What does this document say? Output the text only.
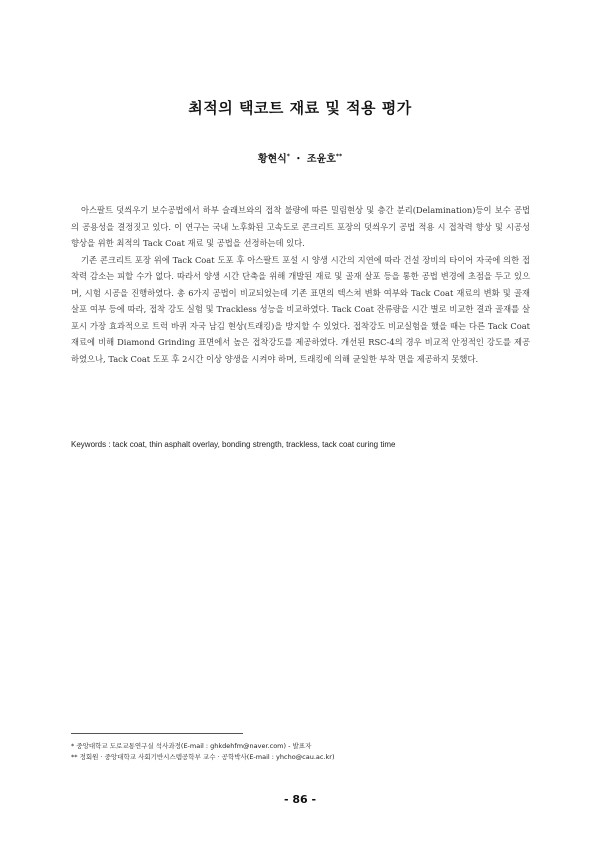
최적의 택코트 재료 및 적용 평가
황현식* ・ 조윤호**

아스팔트 덧씌우기 보수공법에서 하부 슬래브와의 접착 불량에 따른 밀림현상 및 층간 분리(Delamination)등이 보수 공법의 공용성을 결정짓고 있다. 이 연구는 국내 노후화된 고속도로 콘크리트 포장의 덧씌우기 공법 적용 시 접착력 향상 및 시공성 향상을 위한 최적의 Tack Coat 재료 및 공법을 선정하는데 있다.

기존 콘크리트 포장 위에 Tack Coat 도포 후 아스팔트 포설 시 양생 시간의 지연에 따라 건설 장비의 타이어 자국에 의한 접착력 감소는 피할 수가 없다. 따라서 양생 시간 단축을 위해 개발된 재료 및 골재 살포 등을 통한 공법 변경에 초점을 두고 있으며, 시험 시공을 진행하였다. 총 6가지 공법이 비교되었는데 기존 표면의 텍스쳐 변화 여부와 Tack Coat 재료의 변화 및 골재 살포 여부 등에 따라, 접착 강도 실험 및 Trackless 성능을 비교하였다. Tack Coat 잔류량을 시간 별로 비교한 결과 골재를 살포시 가장 효과적으로 트럭 바퀴 자국 남김 현상(트래킹)을 방지할 수 있었다. 접착강도 비교실험을 했을 때는 다른 Tack Coat 재료에 비해 Diamond Grinding 표면에서 높은 접착강도를 제공하였다. 개선된 RSC-4의 경우 비교적 안정적인 강도를 제공하였으나, Tack Coat 도포 후 2시간 이상 양생을 시켜야 하며, 트래킹에 의해 균일한 부착 면을 제공하지 못했다.

Keywords : tack coat, thin asphalt overlay, bonding strength, trackless, tack coat curing time
* 중앙대학교 도로교통연구실 석사과정(E-mail : ghkdehfm@naver.com) - 발표자
** 정회원 · 중앙대학교 사회기반시스템공학부 교수 · 공학박사(E-mail : yhcho@cau.ac.kr)
- 86 -
